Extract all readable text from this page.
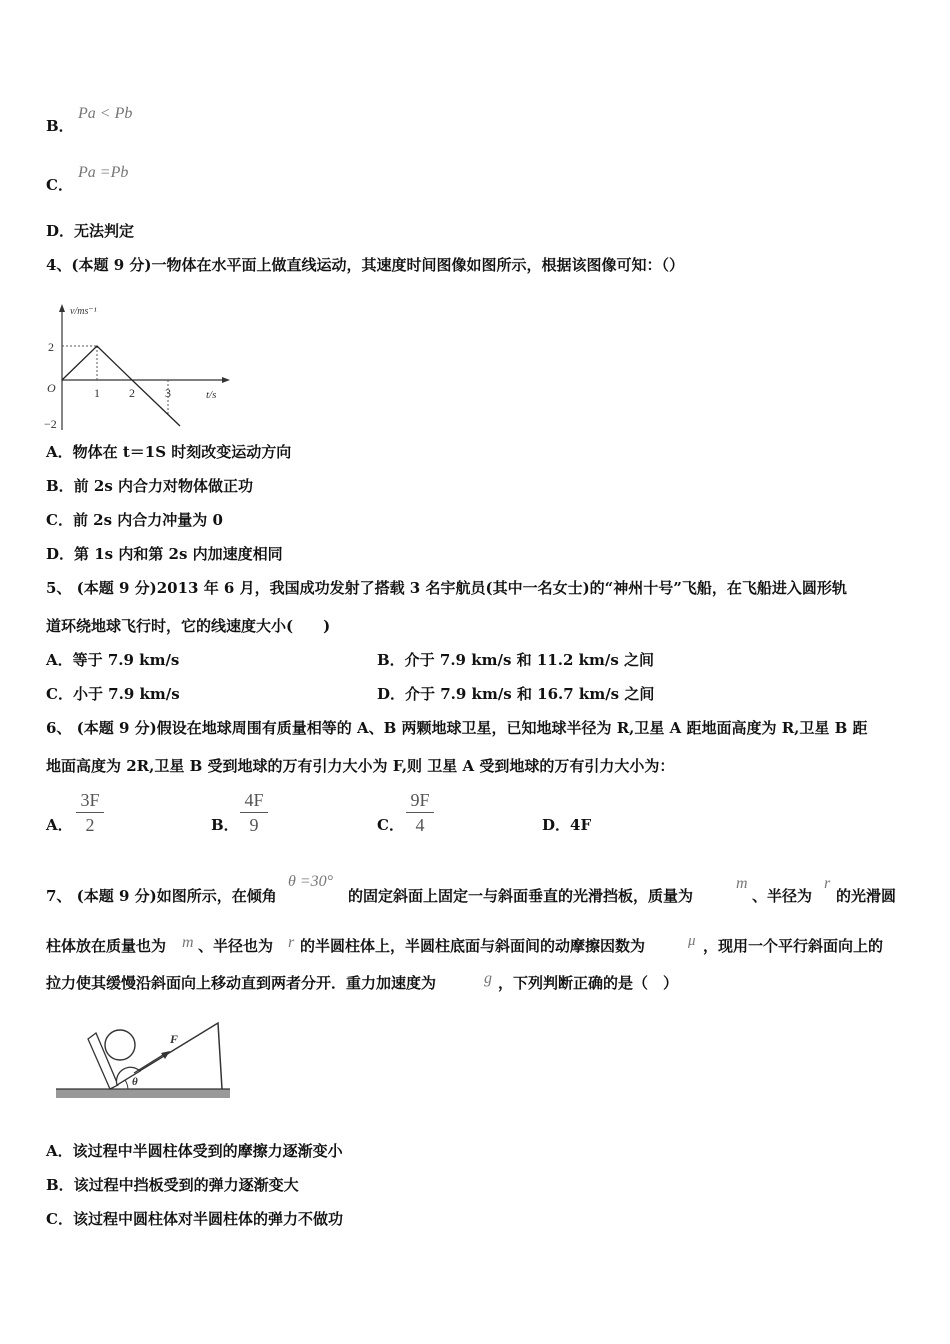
B．
Pa < Pb
C．
Pa =Pb
D．无法判定
4、(本题 9 分)一物体在水平面上做直线运动，其速度时间图像如图所示，根据该图像可知：（）
v/ms⁻¹
t/s
O
2
−2
1 2	3
A．物体在 t＝1S 时刻改变运动方向
B．前 2s 内合力对物体做正功
C．前 2s 内合力冲量为 0
D．第 1s 内和第 2s 内加速度相同
5、 (本题 9 分)2013 年 6 月，我国成功发射了搭载 3 名宇航员(其中一名女士)的“神州十号”飞船，在飞船进入圆形轨
道环绕地球飞行时，它的线速度大小(　　)
A．等于 7.9 km/s	B．介于 7.9 km/s 和 11.2 km/s 之间
C．小于 7.9 km/s	D．介于 7.9 km/s 和 16.7 km/s 之间
6、 (本题 9 分)假设在地球周围有质量相等的 A、B 两颗地球卫星，已知地球半径为 R,卫星 A 距地面高度为 R,卫星 B 距
地面高度为 2R,卫星 B 受到地球的万有引力大小为 F,则 卫星 A 受到地球的万有引力大小为：
A．
3F
2	B．
4F
9	C．
9F
4	D．4F
7、 (本题 9 分)如图所示，在倾角
θ =30°
的固定斜面上固定一与斜面垂直的光滑挡板，质量为
m
、半径为
r
的光滑圆
柱体放在质量也为 m 、半径也为 r 的半圆柱体上，半圆柱底面与斜面间的动摩擦因数为	μ ，现用一个平行斜面向上的
拉力使其缓慢沿斜面向上移动直到两者分开．重力加速度为	g ，下列判断正确的是（　）
F
θ
A．该过程中半圆柱体受到的摩擦力逐渐变小
B．该过程中挡板受到的弹力逐渐变大
C．该过程中圆柱体对半圆柱体的弹力不做功
